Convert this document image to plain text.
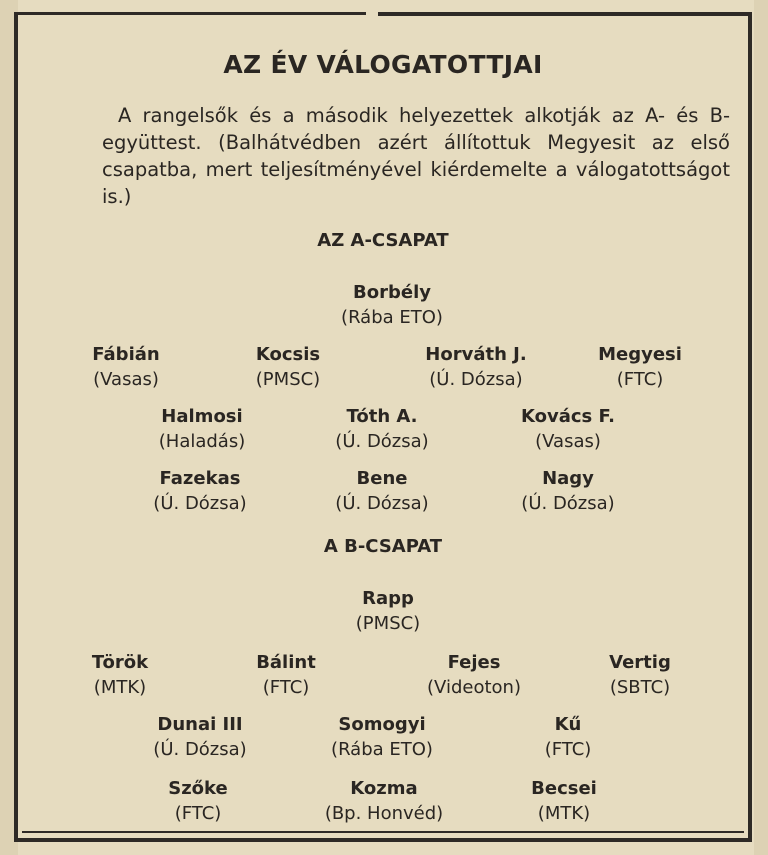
AZ ÉV VÁLOGATOTTJAI

A rangelsők és a második helyezettek alkotják az A- és B-együttest. (Balhátvédben azért állítottuk Megyesit az első csapatba, mert teljesítményével kiérdemelte a válogatottságot is.)

AZ A-CSAPAT
Borbély
(Rába ETO)
Fábián
(Vasas)
Kocsis
(PMSC)
Horváth J.
(Ú. Dózsa)
Megyesi
(FTC)
Halmosi
(Haladás)
Tóth A.
(Ú. Dózsa)
Kovács F.
(Vasas)
Fazekas
(Ú. Dózsa)
Bene
(Ú. Dózsa)
Nagy
(Ú. Dózsa)
A B-CSAPAT
Rapp
(PMSC)
Török
(MTK)
Bálint
(FTC)
Fejes
(Videoton)
Vertig
(SBTC)
Dunai III
(Ú. Dózsa)
Somogyi
(Rába ETO)
Kű
(FTC)
Szőke
(FTC)
Kozma
(Bp. Honvéd)
Becsei
(MTK)
